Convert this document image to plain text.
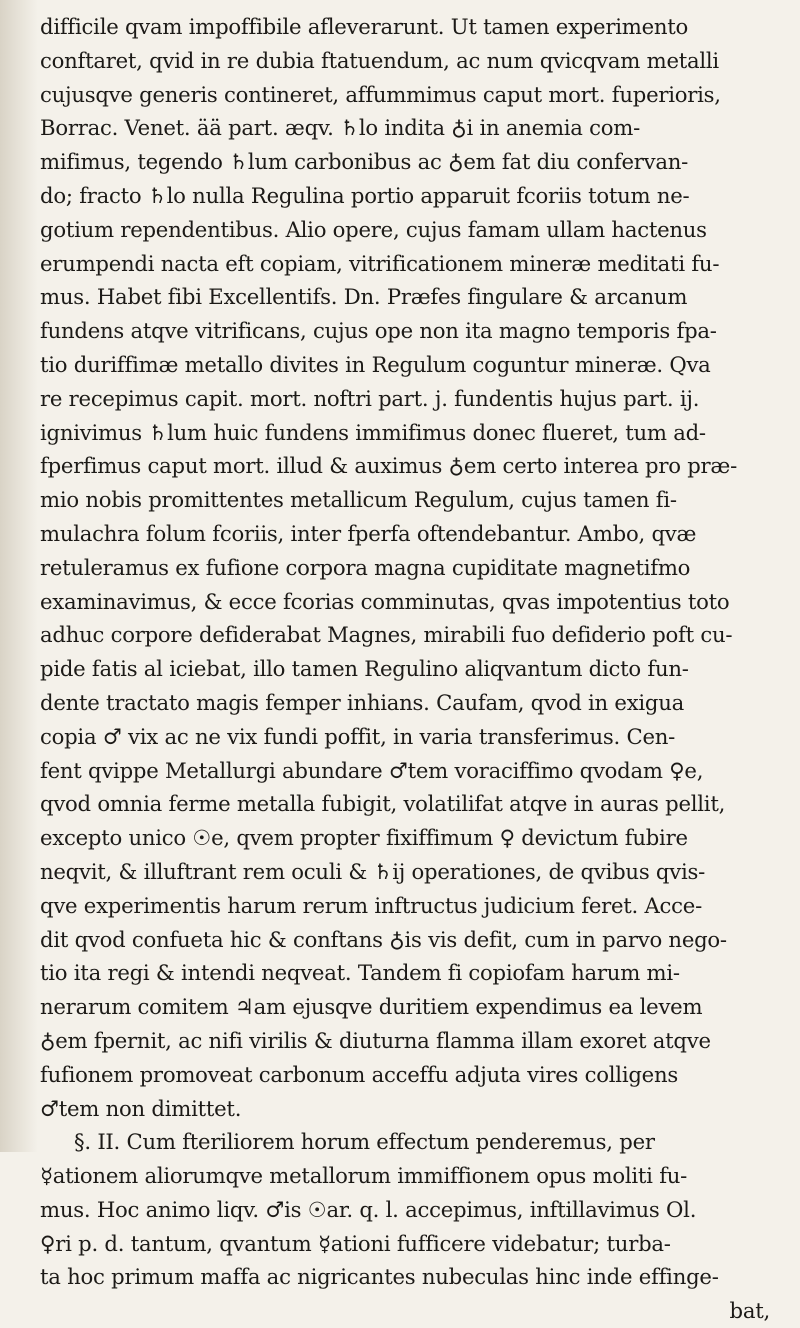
difficile qvam impoffibile afleverarunt. Ut tamen experimento
conftaret, qvid in re dubia ftatuendum, ac num qvicqvam metalli
cujusqve generis contineret, affummimus caput mort. fuperioris,
Borrac. Venet. ää part. æqv. ♄lo indita ♁i in anemia com-
mifimus, tegendo ♄lum carbonibus ac ♁em fat diu confervan-
do; fracto ♄lo nulla Regulina portio apparuit fcoriis totum ne-
gotium rependentibus. Alio opere, cujus famam ullam hactenus
erumpendi nacta eft copiam, vitrificationem mineræ meditati fu-
mus. Habet fibi Excellentifs. Dn. Præfes fingulare & arcanum
fundens atqve vitrificans, cujus ope non ita magno temporis fpa-
tio duriffimæ metallo divites in Regulum coguntur mineræ. Qva
re recepimus capit. mort. noftri part. j. fundentis hujus part. ij.
ignivimus ♄lum huic fundens immifimus donec flueret, tum ad-
fperfimus caput mort. illud & auximus ♁em certo interea pro præ-
mio nobis promittentes metallicum Regulum, cujus tamen fi-
mulachra folum fcoriis, inter fperfa oftendebantur. Ambo, qvæ
retuleramus ex fufione corpora magna cupiditate magnetifmo
examinavimus, & ecce fcorias comminutas, qvas impotentius toto
adhuc corpore defiderabat Magnes, mirabili fuo defiderio poft cu-
pide fatis al iciebat, illo tamen Regulino aliqvantum dicto fun-
dente tractato magis femper inhians. Caufam, qvod in exigua
copia ♂ vix ac ne vix fundi poffit, in varia transferimus. Cen-
fent qvippe Metallurgi abundare ♂tem voraciffimo qvodam ♀e,
qvod omnia ferme metalla fubigit, volatilifat atqve in auras pellit,
excepto unico ☉e, qvem propter fixiffimum ♀ devictum fubire
neqvit, & illuftrant rem oculi & ♄ij operationes, de qvibus qvis-
qve experimentis harum rerum inftructus judicium feret. Acce-
dit qvod confueta hic & conftans ♁is vis defit, cum in parvo nego-
tio ita regi & intendi neqveat. Tandem fi copiofam harum mi-
nerarum comitem ♃am ejusqve duritiem expendimus ea levem
♁em fpernit, ac nifi virilis & diuturna flamma illam exoret atqve
fufionem promoveat carbonum acceffu adjuta vires colligens
♂tem non dimittet.
§. II. Cum fteriliorem horum effectum penderemus, per
☿ationem aliorumqve metallorum immiffionem opus moliti fu-
mus. Hoc animo liqv. ♂is ☉ar. q. l. accepimus, inftillavimus Ol.
♀ri p. d. tantum, qvantum ☿ationi fufficere videbatur; turba-
ta hoc primum maffa ac nigricantes nubeculas hinc inde effinge-
bat,
